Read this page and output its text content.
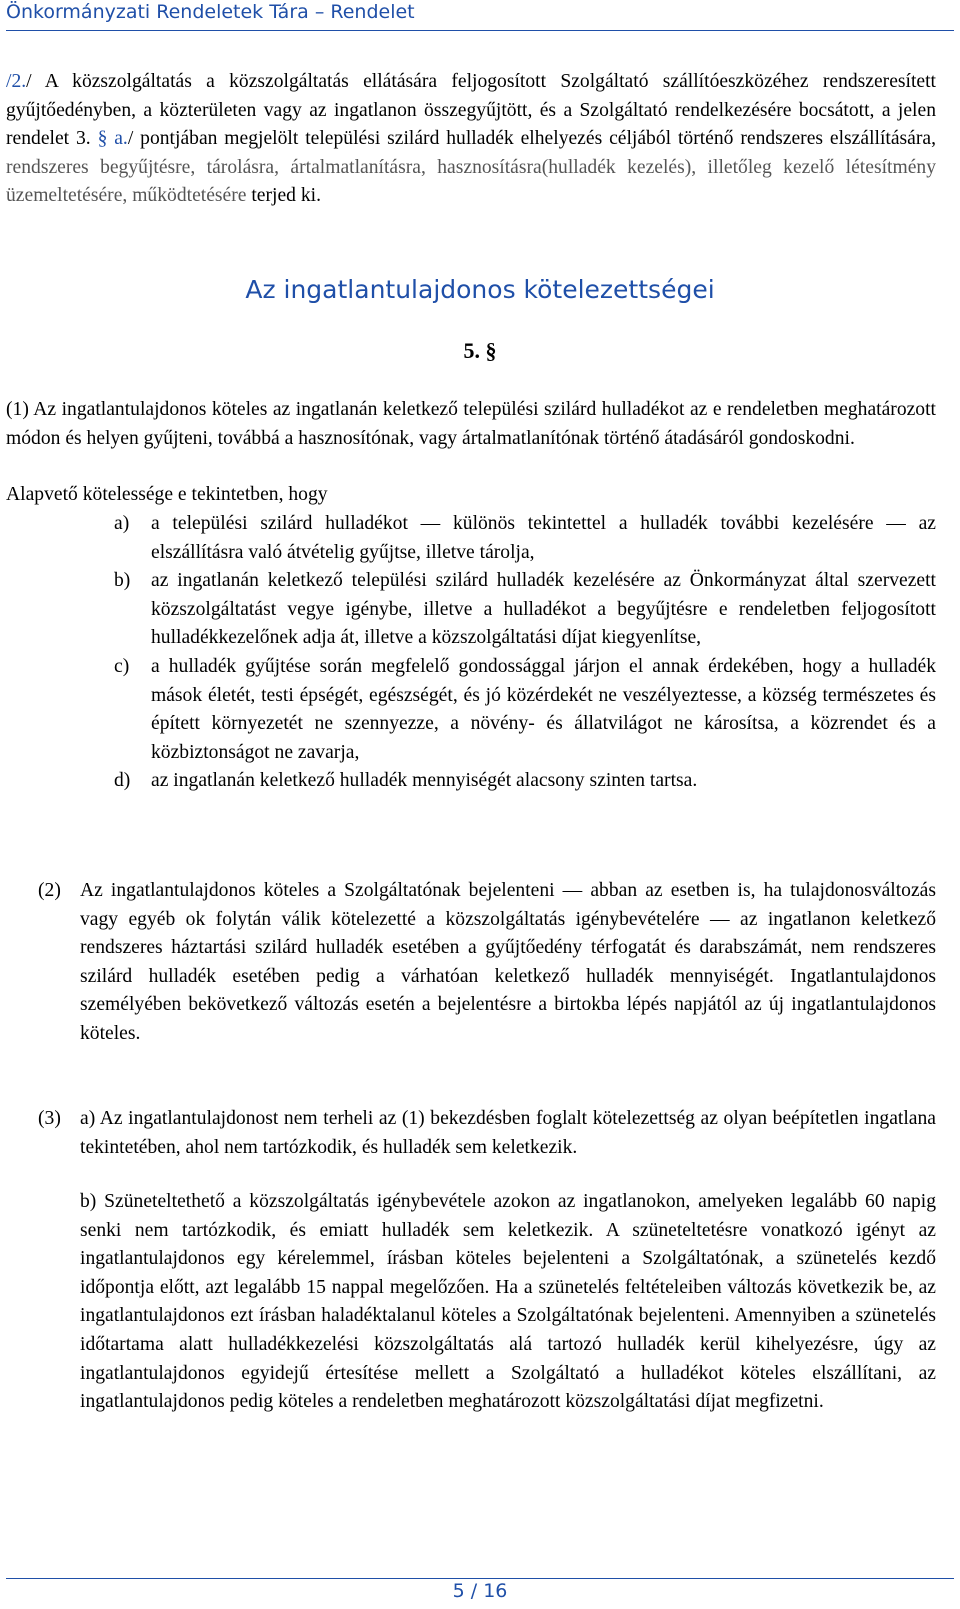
Önkormányzati Rendeletek Tára – Rendelet

/2./ A közszolgáltatás a közszolgáltatás ellátására feljogosított Szolgáltató szállítóeszközéhez rendszeresített gyűjtőedényben, a közterületen vagy az ingatlanon összegyűjtött, és a Szolgáltató rendelkezésére bocsátott, a jelen rendelet 3. § a./ pontjában megjelölt települési szilárd hulladék elhelyezés céljából történő rendszeres elszállítására, rendszeres begyűjtésre, tárolásra, ártalmatlanításra, hasznosításra(hulladék kezelés), illetőleg kezelő létesítmény üzemeltetésére, működtetésére terjed ki.

Az ingatlantulajdonos kötelezettségei
5. §

(1) Az ingatlantulajdonos köteles az ingatlanán keletkező települési szilárd hulladékot az e rendeletben meghatározott módon és helyen gyűjteni, továbbá a hasznosítónak, vagy ártalmatlanítónak történő átadásáról gondoskodni.

Alapvető kötelessége e tekintetben, hogy

a)	a települési szilárd hulladékot — különös tekintettel a hulladék további kezelésére — az elszállításra való átvételig gyűjtse, illetve tárolja,
b)	az ingatlanán keletkező települési szilárd hulladék kezelésére az Önkormányzat által szervezett közszolgáltatást vegye igénybe, illetve a hulladékot a begyűjtésre e rendeletben feljogosított hulladékkezelőnek adja át, illetve a közszolgáltatási díjat kiegyenlítse,
c)	a hulladék gyűjtése során megfelelő gondossággal járjon el annak érdekében, hogy a hulladék mások életét, testi épségét, egészségét, és jó közérdekét ne veszélyeztesse, a község természetes és épített környezetét ne szennyezze, a növény- és állatvilágot ne károsítsa, a közrendet és a közbiztonságot ne zavarja,
d)	az ingatlanán keletkező hulladék mennyiségét alacsony szinten tartsa.
(2) Az ingatlantulajdonos köteles a Szolgáltatónak bejelenteni — abban az esetben is, ha tulajdonosváltozás vagy egyéb ok folytán válik kötelezetté a közszolgáltatás igénybevételére — az ingatlanon keletkező rendszeres háztartási szilárd hulladék esetében a gyűjtőedény térfogatát és darabszámát, nem rendszeres szilárd hulladék esetében pedig a várhatóan keletkező hulladék mennyiségét. Ingatlantulajdonos személyében bekövetkező változás esetén a bejelentésre a birtokba lépés napjától az új ingatlantulajdonos köteles.
(3) a) Az ingatlantulajdonost nem terheli az (1) bekezdésben foglalt kötelezettség az olyan beépítetlen ingatlana tekintetében, ahol nem tartózkodik, és hulladék sem keletkezik.

b) Szüneteltethető a közszolgáltatás igénybevétele azokon az ingatlanokon, amelyeken legalább 60 napig senki nem tartózkodik, és emiatt hulladék sem keletkezik. A szüneteltetésre vonatkozó igényt az ingatlantulajdonos egy kérelemmel, írásban köteles bejelenteni a Szolgáltatónak, a szünetelés kezdő időpontja előtt, azt legalább 15 nappal megelőzően. Ha a szünetelés feltételeiben változás következik be, az ingatlantulajdonos ezt írásban haladéktalanul köteles a Szolgáltatónak bejelenteni. Amennyiben a szünetelés időtartama alatt hulladékkezelési közszolgáltatás alá tartozó hulladék kerül kihelyezésre, úgy az ingatlantulajdonos egyidejű értesítése mellett a Szolgáltató a hulladékot köteles elszállítani, az ingatlantulajdonos pedig köteles a rendeletben meghatározott közszolgáltatási díjat megfizetni.

5 / 16
